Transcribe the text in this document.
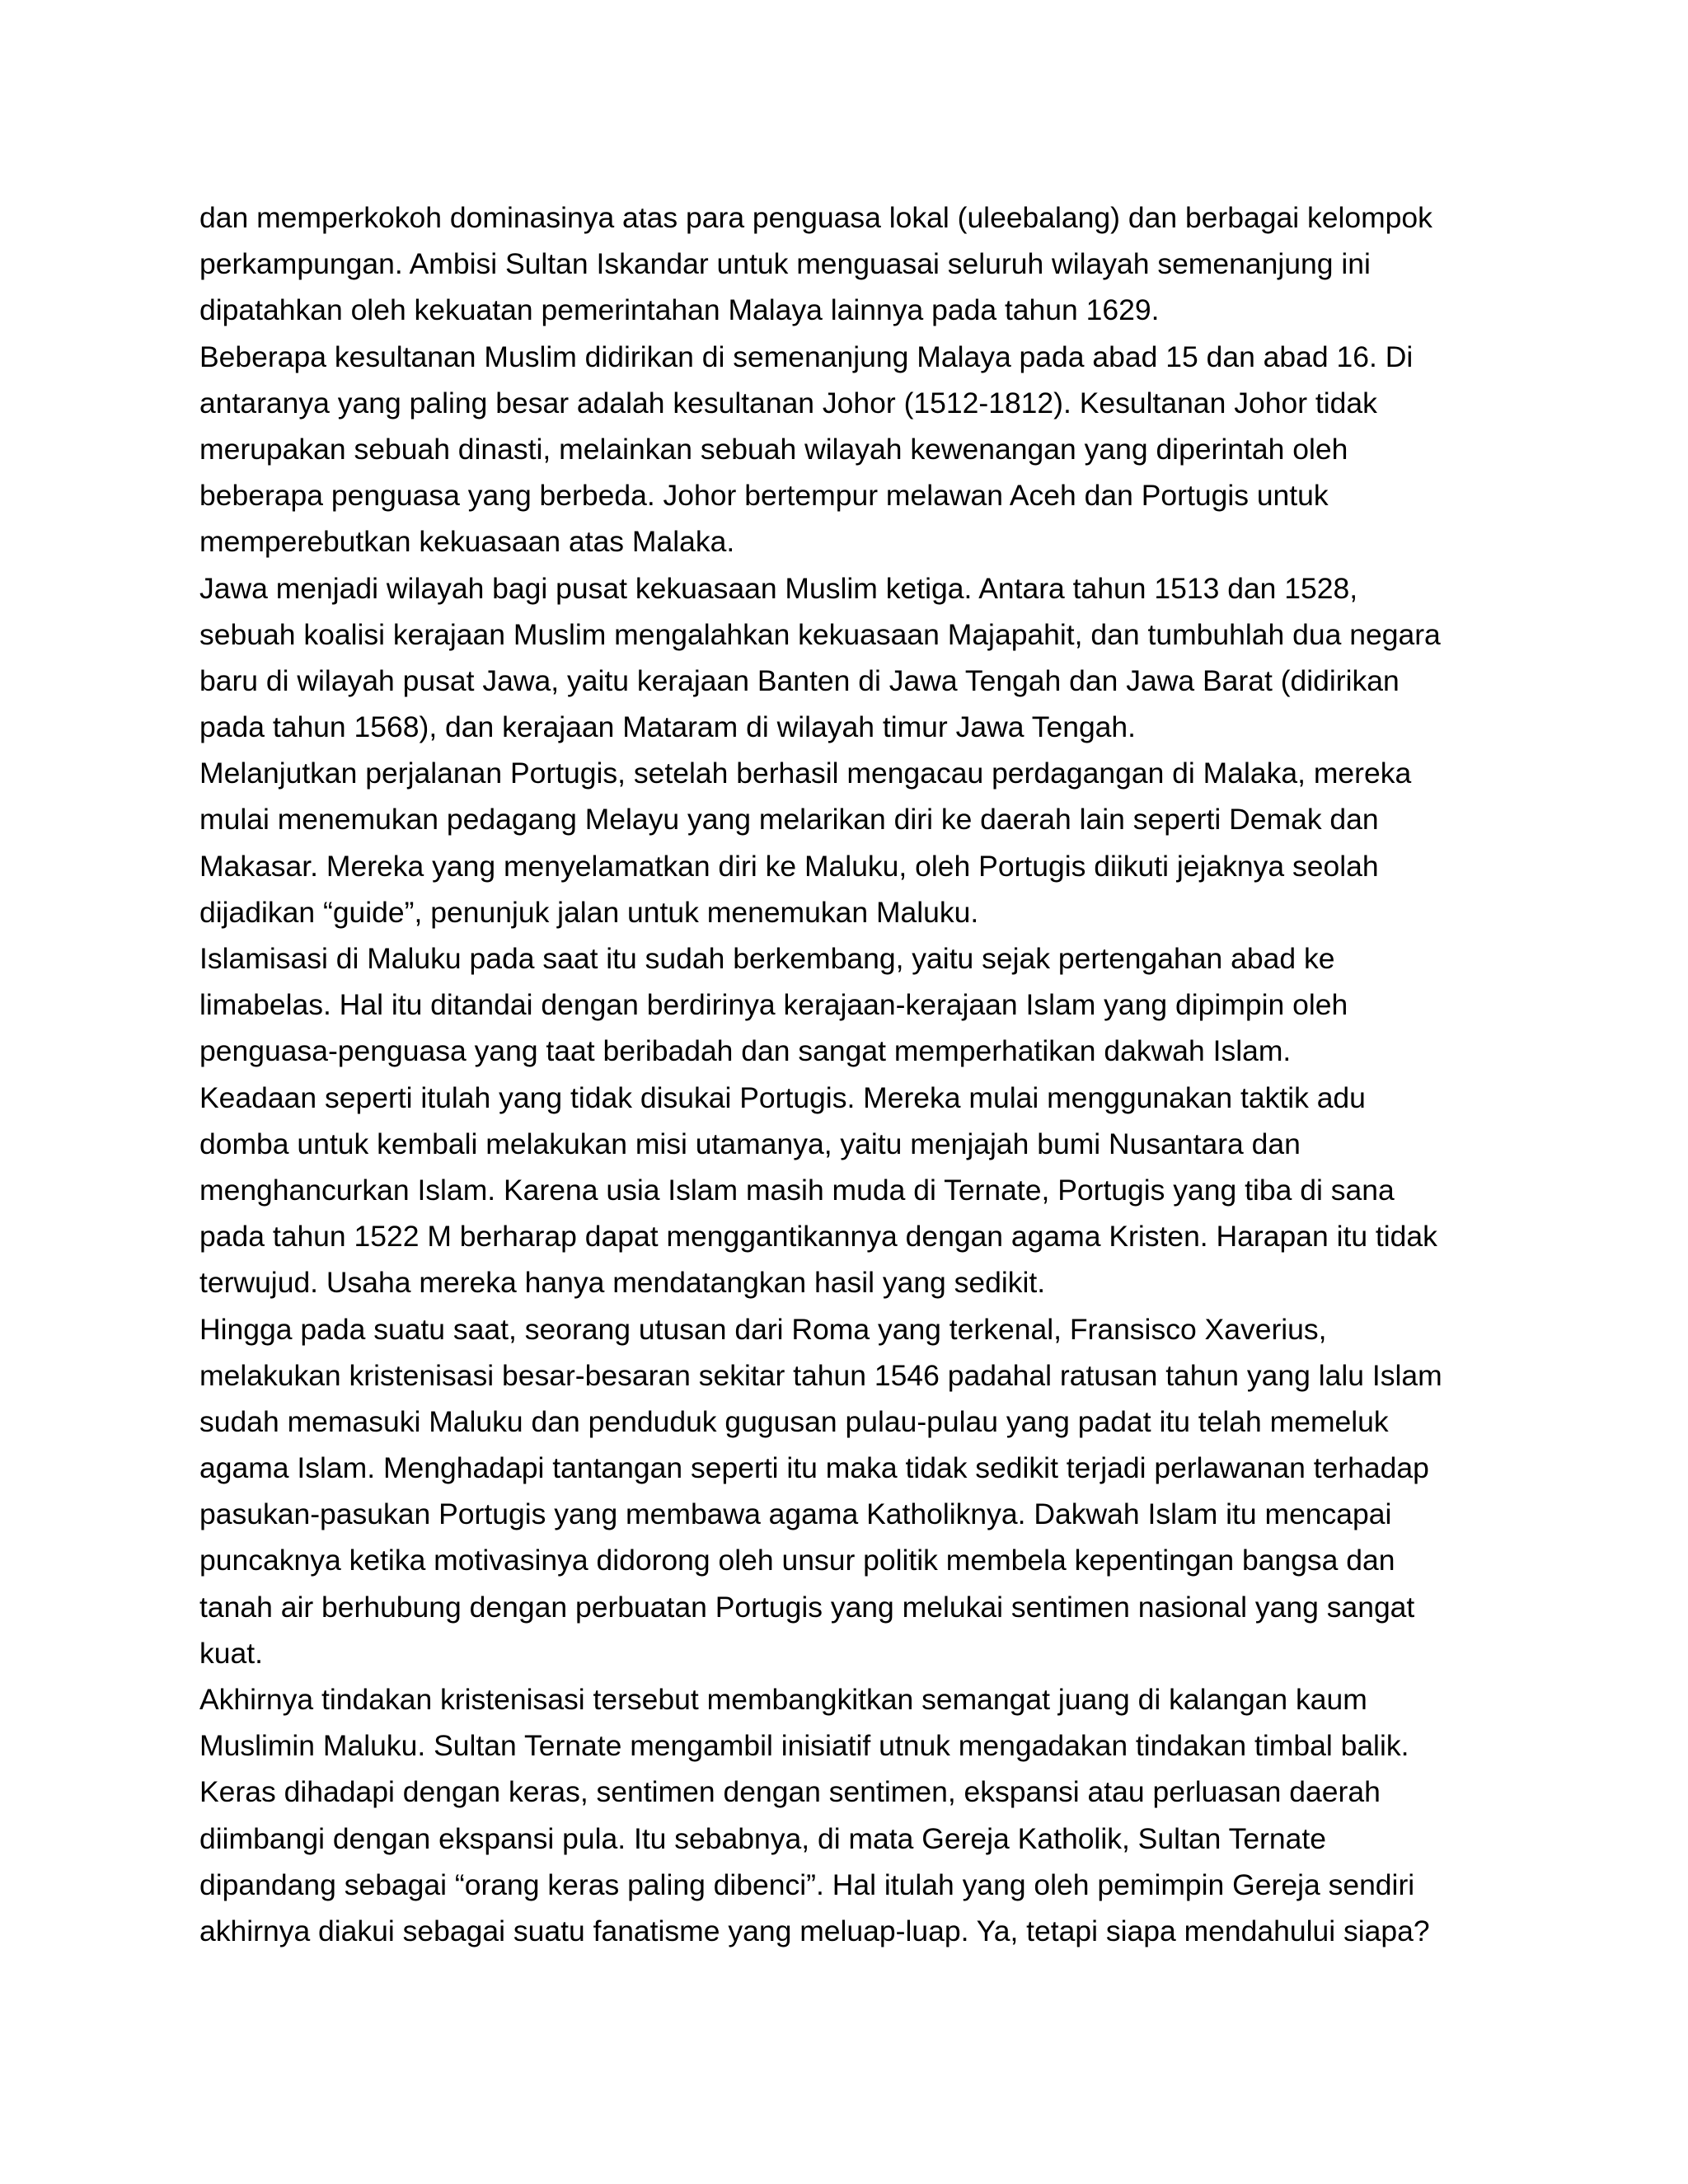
dan memperkokoh dominasinya atas para penguasa lokal (uleebalang) dan berbagai kelompok
perkampungan. Ambisi Sultan Iskandar untuk menguasai seluruh wilayah semenanjung ini
dipatahkan oleh kekuatan pemerintahan Malaya lainnya pada tahun 1629.
Beberapa kesultanan Muslim didirikan di semenanjung Malaya pada abad 15 dan abad 16. Di
antaranya yang paling besar adalah kesultanan Johor (1512-1812). Kesultanan Johor tidak
merupakan sebuah dinasti, melainkan sebuah wilayah kewenangan yang diperintah oleh
beberapa penguasa yang berbeda. Johor bertempur melawan Aceh dan Portugis untuk
memperebutkan kekuasaan atas Malaka.
Jawa menjadi wilayah bagi pusat kekuasaan Muslim ketiga. Antara tahun 1513 dan 1528,
sebuah koalisi kerajaan Muslim mengalahkan kekuasaan Majapahit, dan tumbuhlah dua negara
baru di wilayah pusat Jawa, yaitu kerajaan Banten di Jawa Tengah dan Jawa Barat (didirikan
pada tahun 1568), dan kerajaan Mataram di wilayah timur Jawa Tengah.
Melanjutkan perjalanan Portugis, setelah berhasil mengacau perdagangan di Malaka, mereka
mulai menemukan pedagang Melayu yang melarikan diri ke daerah lain seperti Demak dan
Makasar. Mereka yang menyelamatkan diri ke Maluku, oleh Portugis diikuti jejaknya seolah
dijadikan “guide”, penunjuk jalan untuk menemukan Maluku.
Islamisasi di Maluku pada saat itu sudah berkembang, yaitu sejak pertengahan abad ke
limabelas. Hal itu ditandai dengan berdirinya kerajaan-kerajaan Islam yang dipimpin oleh
penguasa-penguasa yang taat beribadah dan sangat memperhatikan dakwah Islam.
Keadaan seperti itulah yang tidak disukai Portugis. Mereka mulai menggunakan taktik adu
domba untuk kembali melakukan misi utamanya, yaitu menjajah bumi Nusantara dan
menghancurkan Islam. Karena usia Islam masih muda di Ternate, Portugis yang tiba di sana
pada tahun 1522 M berharap dapat menggantikannya dengan agama Kristen. Harapan itu tidak
terwujud. Usaha mereka hanya mendatangkan hasil yang sedikit.
Hingga pada suatu saat, seorang utusan dari Roma yang terkenal, Fransisco Xaverius,
melakukan kristenisasi besar-besaran sekitar tahun 1546 padahal ratusan tahun yang lalu Islam
sudah memasuki Maluku dan penduduk gugusan pulau-pulau yang padat itu telah memeluk
agama Islam. Menghadapi tantangan seperti itu maka tidak sedikit terjadi perlawanan terhadap
pasukan-pasukan Portugis yang membawa agama Katholiknya. Dakwah Islam itu mencapai
puncaknya ketika motivasinya didorong oleh unsur politik membela kepentingan bangsa dan
tanah air berhubung dengan perbuatan Portugis yang melukai sentimen nasional yang sangat
kuat.
Akhirnya tindakan kristenisasi tersebut membangkitkan semangat juang di kalangan kaum
Muslimin Maluku. Sultan Ternate mengambil inisiatif utnuk mengadakan tindakan timbal balik.
Keras dihadapi dengan keras, sentimen dengan sentimen, ekspansi atau perluasan daerah
diimbangi dengan ekspansi pula. Itu sebabnya, di mata Gereja Katholik, Sultan Ternate
dipandang sebagai “orang keras paling dibenci”. Hal itulah yang oleh pemimpin Gereja sendiri
akhirnya diakui sebagai suatu fanatisme yang meluap-luap. Ya, tetapi siapa mendahului siapa?
